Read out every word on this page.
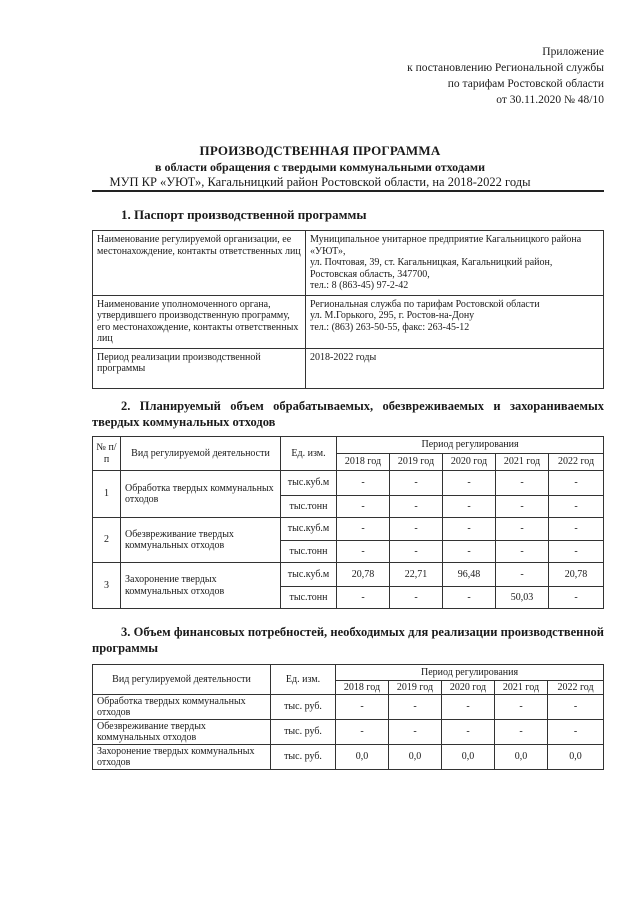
Приложение
к постановлению Региональной службы
по тарифам Ростовской области
от 30.11.2020 № 48/10
ПРОИЗВОДСТВЕННАЯ ПРОГРАММА
в области обращения с твердыми коммунальными отходами
МУП КР «УЮТ», Кагальницкий район Ростовской области, на 2018-2022 годы
1. Паспорт производственной программы
Наименование регулируемой организации, ее местонахождение, контакты ответственных лиц	Муниципальное унитарное предприятие Кагальницкого района «УЮТ»,
ул. Почтовая, 39, ст. Кагальницкая, Кагальницкий район,
Ростовская область, 347700,
тел.: 8 (863-45) 97-2-42

Наименование уполномоченного органа, утвердившего производственную программу, его местонахождение, контакты ответственных лиц	Региональная служба по тарифам Ростовской области
ул. М.Горького, 295, г. Ростов-на-Дону
тел.: (863) 263-50-55, факс: 263-45-12

Период реализации производственной программы	2018-2022 годы
2. Планируемый объем обрабатываемых, обезвреживаемых и захораниваемых твердых коммунальных отходов
№ п/п	Вид регулируемой деятельности	Ед. изм.	Период регулирования				
			2018 год	2019 год	2020 год	2021 год	2022 год
1	Обработка твердых коммунальных отходов	тыс.куб.м	-	-	-	-	-
		тыс.тонн	-	-	-	-	-
2	Обезвреживание твердых коммунальных отходов	тыс.куб.м	-	-	-	-	-
		тыс.тонн	-	-	-	-	-
3	Захоронение твердых коммунальных отходов	тыс.куб.м	20,78	22,71	96,48	-	20,78
		тыс.тонн	-	-	-	50,03	-
3. Объем финансовых потребностей, необходимых для реализации производственной программы
Вид регулируемой деятельности	Ед. изм.	Период регулирования				
		2018 год	2019 год	2020 год	2021 год	2022 год
Обработка твердых коммунальных отходов	тыс. руб.	-	-	-	-	-
Обезвреживание твердых коммунальных отходов	тыс. руб.	-	-	-	-	-
Захоронение твердых коммунальных отходов	тыс. руб.	0,0	0,0	0,0	0,0	0,0
